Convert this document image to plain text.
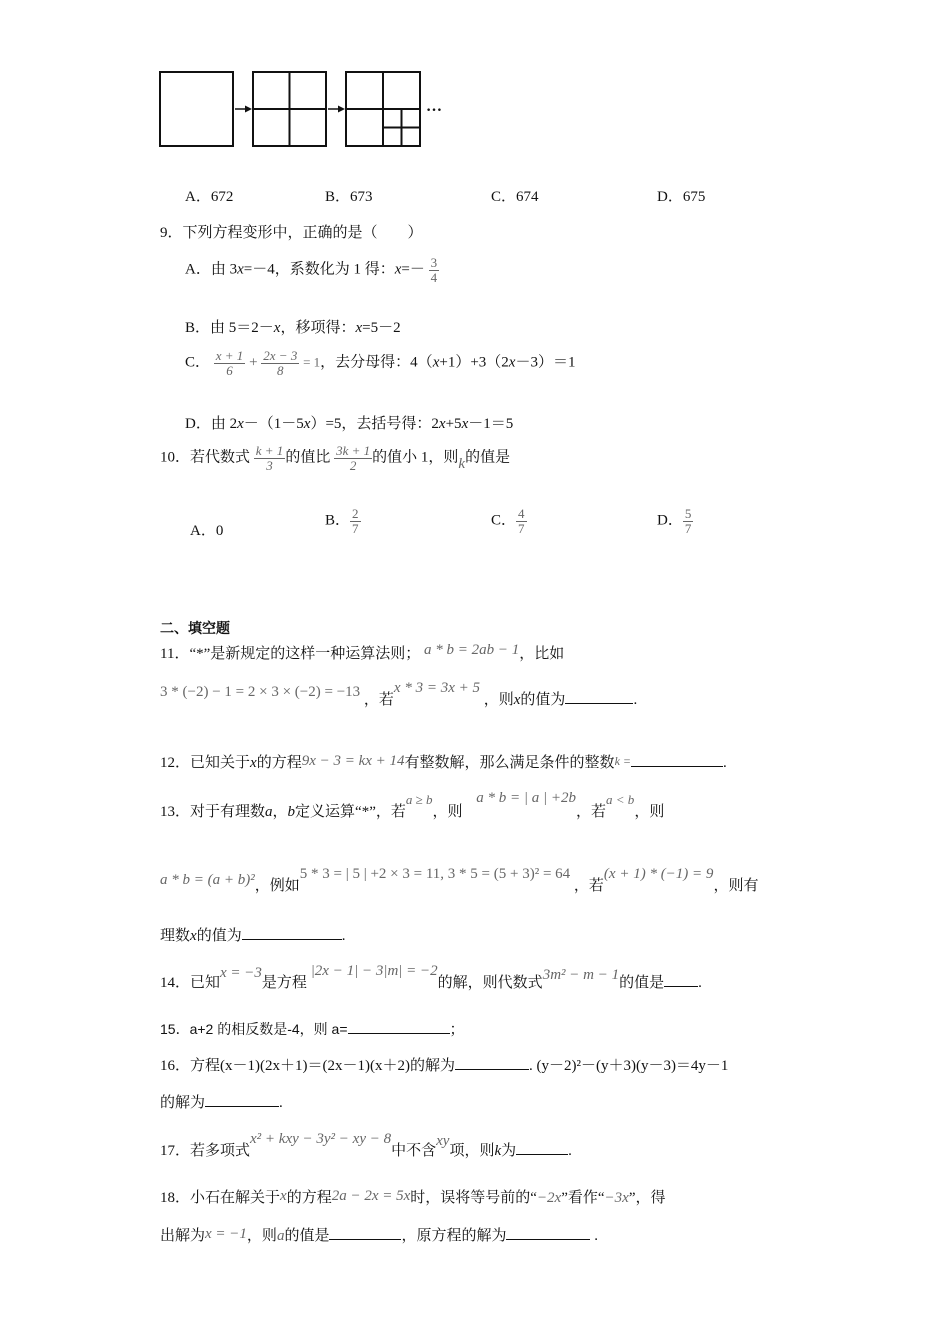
…
A．672	B．673	C．674	D．675
9．下列方程变形中，正确的是（　　）
A．由 3x=－4，系数化为 1 得：$x=- \frac{3}{4}$
B．由 5＝2－x，移项得：x=5－2
C． $\frac{x + 1}{6} + \frac{2x - 3}{8} = 1$，去分母得：4（x+1）+3（2x－3）＝1
D．由 2x－（1－5x）=5，去括号得：2x+5x－1＝5
10．若代数式 $\frac{k + 1}{3}$ 的值比 $\frac{3k + 1}{2}$ 的值小 1，则k的值是
A．0
B． $\frac{2}{7}$	C． $\frac{4}{7}$	D． $\frac{5}{7}$
二、填空题
11．“*”是新规定的这样一种运算法则； a * b = 2ab − 1，比如
3 * (−2) − 1 = 2 × 3 × (−2) = −13 ，若x * 3 = 3x + 5 ，则x的值为	.
12．已知关于x的方程9x − 3 = kx + 14有整数解，那么满足条件的整数k =	.
13．对于有理数a，b定义运算“*”，若a ≥ b，则 a * b = | a | +2b，若a < b，则
a * b = (a + b)²，例如5 * 3 = | 5 | +2 × 3 = 11, 3 * 5 = (5 + 3)² = 64 ，若(x + 1) * (−1) = 9，则有
理数x的值为	.
14．已知x = −3是方程 |2x − 1| − 3|m| = −2的解，则代数式3m² − m − 1的值是 .
15．a+2 的相反数是-4，则 a=	；
16．方程(x－1)(2x＋1)＝(2x－1)(x＋2)的解为	. (y－2)²－(y＋3)(y－3)＝4y－1
的解为	.
17．若多项式x² + kxy − 3y² − xy − 8中不含xy项，则k为	.
18．小石在解关于x的方程2a − 2x = 5x时，误将等号前的“−2x”看作“−3x”，得
出解为x = −1，则a的值是	，原方程的解为	.
